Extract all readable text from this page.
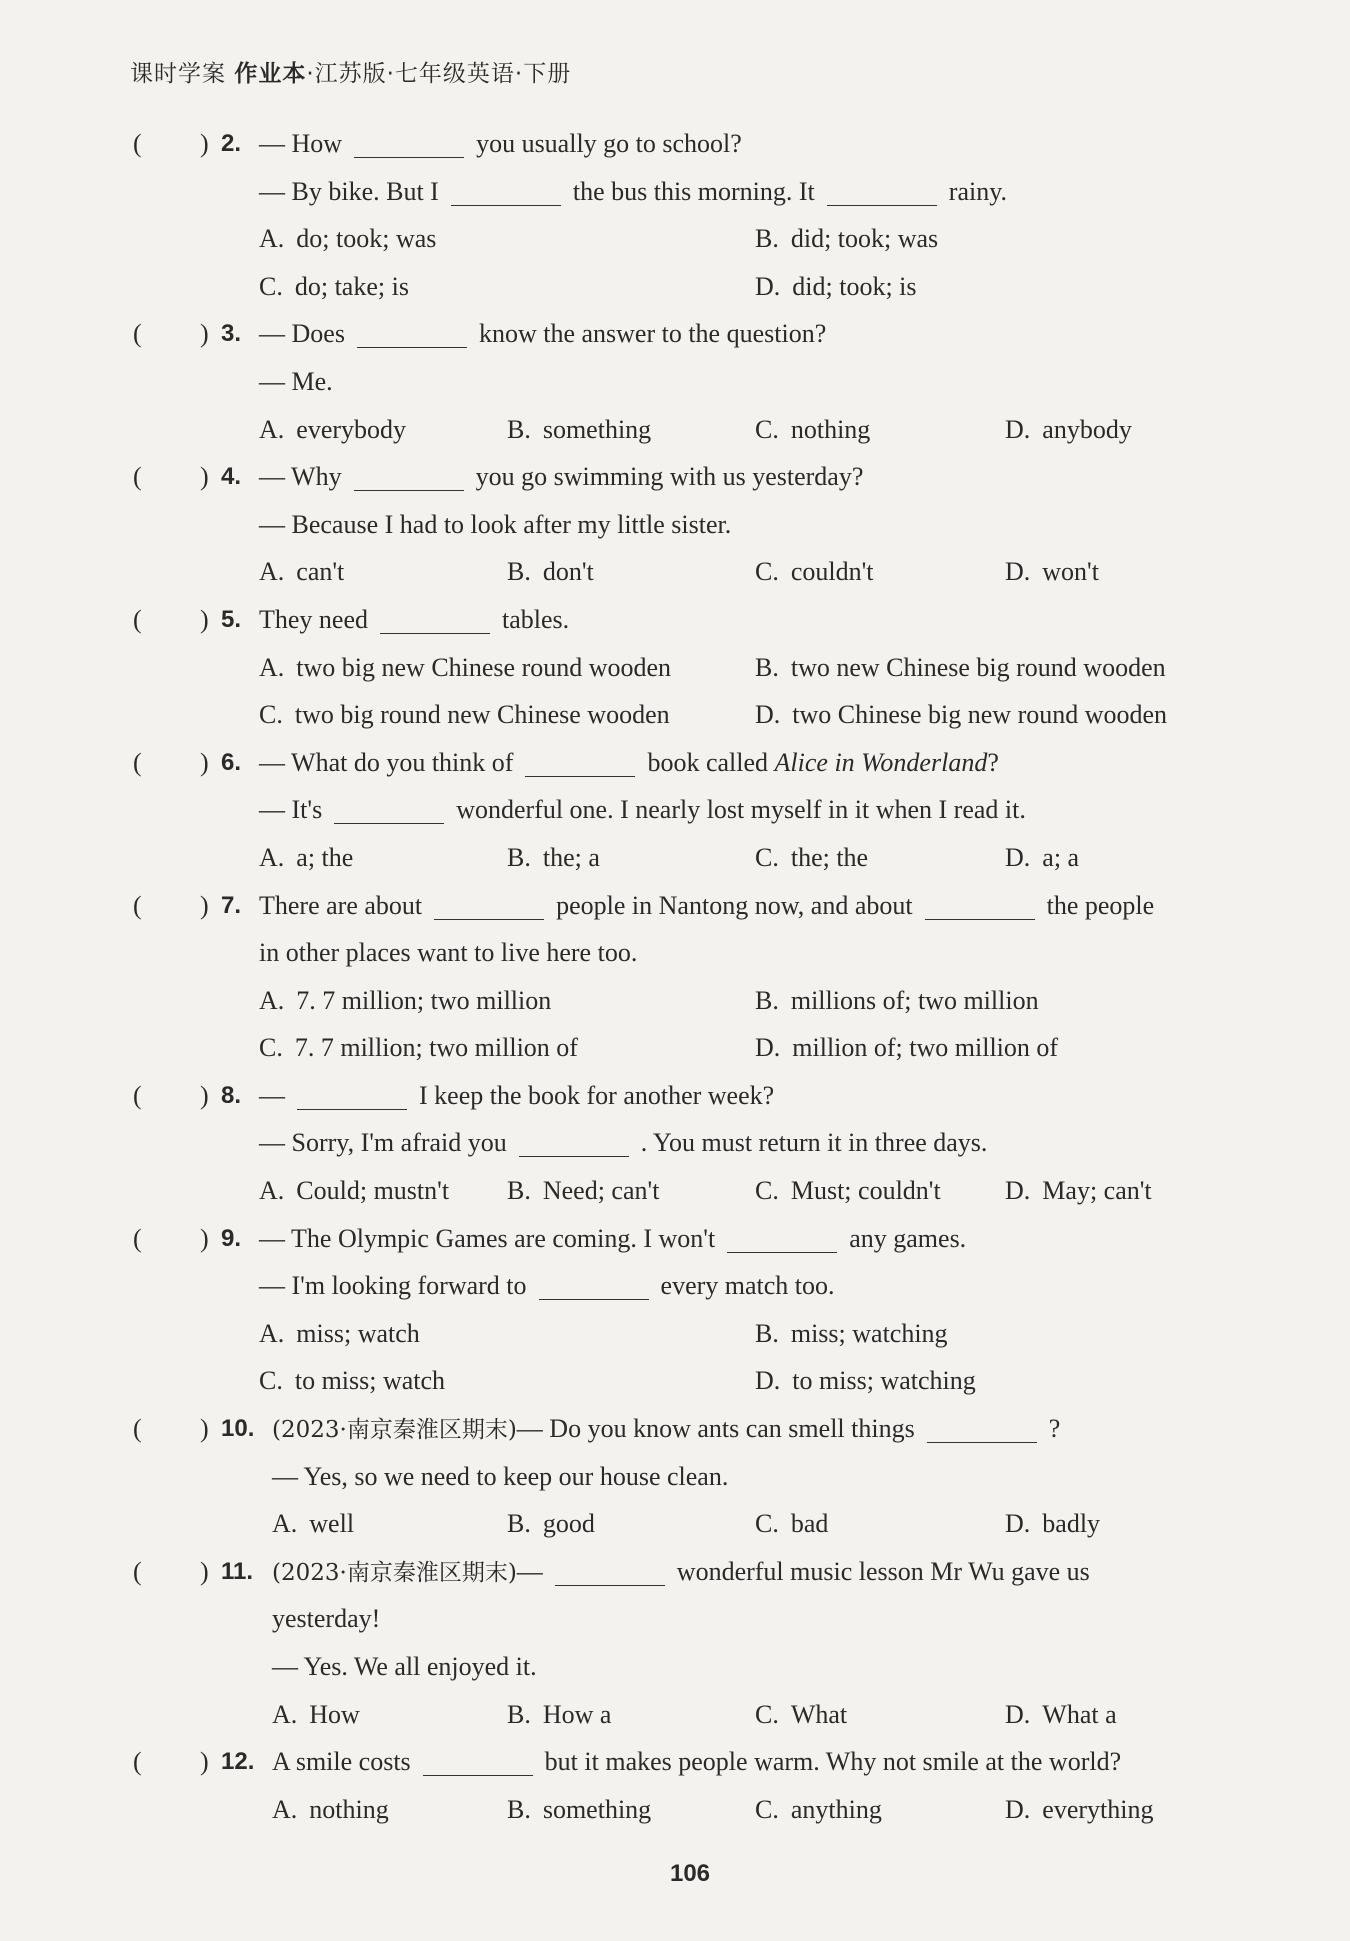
课时学案 作业本·江苏版·七年级英语·下册
( ) 2. — How	you usually go to school?
— By bike. But I	the bus this morning. It	rainy.
A. do; took; was	B. did; took; was
C. do; take; is	D. did; took; is
( ) 3. — Does	know the answer to the question?
— Me.
A. everybody	B. something	C. nothing	D. anybody
( ) 4. — Why	you go swimming with us yesterday?
— Because I had to look after my little sister.
A. can't	B. don't	C. couldn't	D. won't
( ) 5. They need	tables.
A. two big new Chinese round wooden	B. two new Chinese big round wooden
C. two big round new Chinese wooden	D. two Chinese big new round wooden
( ) 6. — What do you think of	book called Alice in Wonderland?
— It's	wonderful one. I nearly lost myself in it when I read it.
A. a; the	B. the; a	C. the; the	D. a; a
( ) 7. There are about	people in Nantong now, and about	the people
in other places want to live here too.
A. 7. 7 million; two million	B. millions of; two million
C. 7. 7 million; two million of	D. million of; two million of
( ) 8. —	I keep the book for another week?
— Sorry, I'm afraid you	. You must return it in three days.
A. Could; mustn't B. Need; can't	C. Must; couldn't D. May; can't
( ) 9. — The Olympic Games are coming. I won't	any games.
— I'm looking forward to	every match too.
A. miss; watch	B. miss; watching
C. to miss; watch	D. to miss; watching
( ) 10. (2023·南京秦淮区期末)— Do you know ants can smell things	?
— Yes, so we need to keep our house clean.
A. well	B. good	C. bad	D. badly
( ) 11. (2023·南京秦淮区期末)—	wonderful music lesson Mr Wu gave us
yesterday!
— Yes. We all enjoyed it.
A. How	B. How a	C. What	D. What a
( ) 12. A smile costs	but it makes people warm. Why not smile at the world?
A. nothing	B. something	C. anything	D. everything
106
